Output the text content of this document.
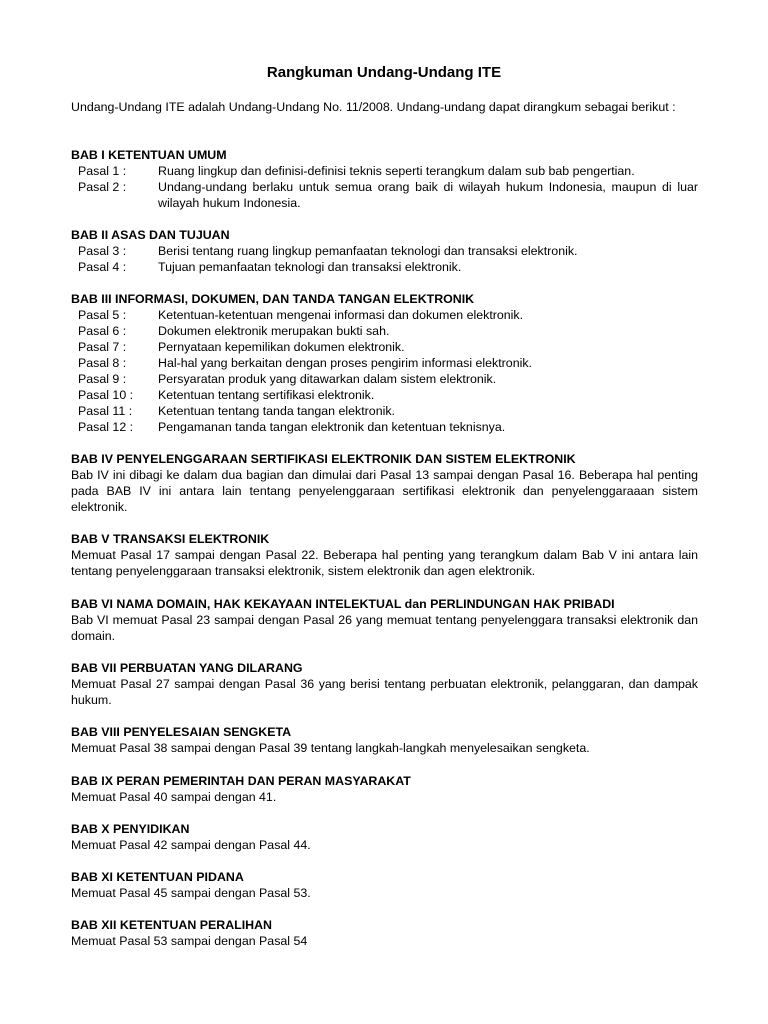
Rangkuman Undang-Undang ITE
Undang-Undang ITE adalah Undang-Undang No. 11/2008. Undang-undang dapat dirangkum sebagai berikut :
BAB I KETENTUAN UMUM
Pasal 1 :	Ruang lingkup dan definisi-definisi teknis seperti terangkum dalam sub bab pengertian.
Pasal 2 :	Undang-undang berlaku untuk semua orang baik di wilayah hukum Indonesia, maupun di luar wilayah hukum Indonesia.
BAB II ASAS DAN TUJUAN
Pasal 3 :	Berisi tentang ruang lingkup pemanfaatan teknologi dan transaksi elektronik.
Pasal 4 :	Tujuan pemanfaatan teknologi dan transaksi elektronik.
BAB III INFORMASI, DOKUMEN, DAN TANDA TANGAN ELEKTRONIK
Pasal 5 :	Ketentuan-ketentuan mengenai informasi dan dokumen elektronik.
Pasal 6 :	Dokumen elektronik merupakan bukti sah.
Pasal 7 :	Pernyataan kepemilikan dokumen elektronik.
Pasal 8 :	Hal-hal yang berkaitan dengan proses pengirim informasi elektronik.
Pasal 9 :	Persyaratan produk yang ditawarkan dalam sistem elektronik.
Pasal 10 : Ketentuan tentang sertifikasi elektronik.
Pasal 11 : Ketentuan tentang tanda tangan elektronik.
Pasal 12 : Pengamanan tanda tangan elektronik dan ketentuan teknisnya.
BAB IV PENYELENGGARAAN SERTIFIKASI ELEKTRONIK DAN SISTEM ELEKTRONIK
Bab IV ini dibagi ke dalam dua bagian dan dimulai dari Pasal 13 sampai dengan Pasal 16. Beberapa hal penting pada BAB IV ini antara lain tentang penyelenggaraan sertifikasi elektronik dan penyelenggaraaan sistem elektronik.
BAB V TRANSAKSI ELEKTRONIK
Memuat Pasal 17 sampai dengan Pasal 22. Beberapa hal penting yang terangkum dalam Bab V ini antara lain tentang penyelenggaraan transaksi elektronik, sistem elektronik dan agen elektronik.
BAB VI NAMA DOMAIN, HAK KEKAYAAN INTELEKTUAL dan PERLINDUNGAN HAK PRIBADI
Bab VI memuat Pasal 23 sampai dengan Pasal 26 yang memuat tentang penyelenggara transaksi elektronik dan domain.
BAB VII PERBUATAN YANG DILARANG
Memuat Pasal 27 sampai dengan Pasal 36 yang berisi tentang perbuatan elektronik, pelanggaran, dan dampak hukum.
BAB VIII PENYELESAIAN SENGKETA
Memuat Pasal 38 sampai dengan Pasal 39 tentang langkah-langkah menyelesaikan sengketa.
BAB IX PERAN PEMERINTAH DAN PERAN MASYARAKAT
Memuat Pasal 40 sampai dengan 41.
BAB X PENYIDIKAN
Memuat Pasal 42 sampai dengan Pasal 44.
BAB XI KETENTUAN PIDANA
Memuat Pasal 45 sampai dengan Pasal 53.
BAB XII KETENTUAN PERALIHAN
Memuat Pasal 53 sampai dengan Pasal 54
